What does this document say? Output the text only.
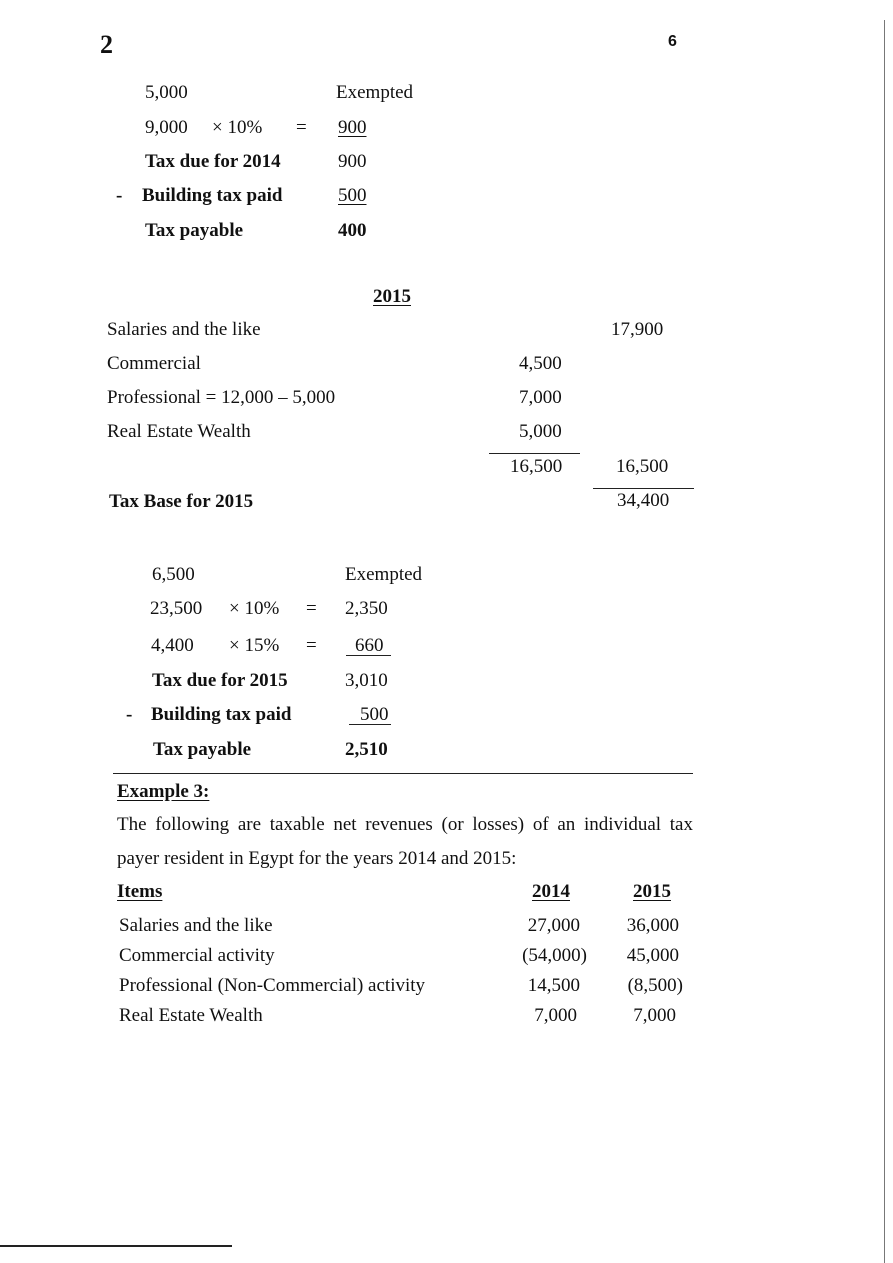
2	6
5,000	Exempted
9,000 × 10% = 900
Tax due for 2014	900
- Building tax paid	500
Tax payable	400
2015
Salaries and the like	17,900
Commercial	4,500
Professional = 12,000 – 5,000	7,000
Real Estate Wealth	5,000
16,500	16,500
Tax Base for 2015	34,400
6,500	Exempted
23,500 × 10% = 2,350
4,400 × 15% = 660
Tax due for 2015	3,010
- Building tax paid	500
Tax payable	2,510
Example 3:
The following are taxable net revenues (or losses) of an individual tax
payer resident in Egypt for the years 2014 and 2015:
Items	2014	2015
Salaries and the like	27,000	36,000
Commercial activity	(54,000)	45,000
Professional (Non-Commercial) activity	14,500	(8,500)
Real Estate Wealth	7,000	7,000
